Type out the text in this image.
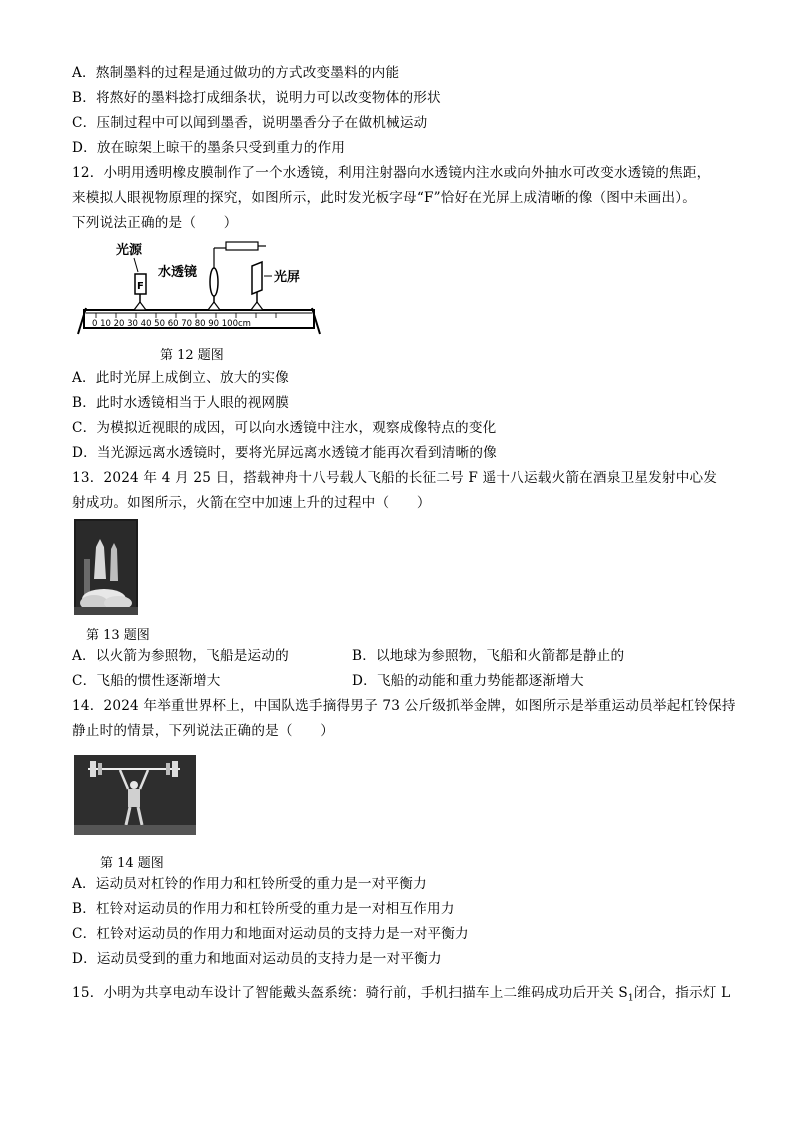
A．熬制墨料的过程是通过做功的方式改变墨料的内能
B．将熬好的墨料捻打成细条状，说明力可以改变物体的形状
C．压制过程中可以闻到墨香，说明墨香分子在做机械运动
D．放在晾架上晾干的墨条只受到重力的作用
12．小明用透明橡皮膜制作了一个水透镜，利用注射器向水透镜内注水或向外抽水可改变水透镜的焦距，
来模拟人眼视物原理的探究，如图所示，此时发光板字母“F”恰好在光屏上成清晰的像（图中未画出）。
下列说法正确的是（　　）
0 10 20 30 40 50 60 70 80 90 100cm
F
光源
水透镜	光屏
第 12 题图
A．此时光屏上成倒立、放大的实像
B．此时水透镜相当于人眼的视网膜
C．为模拟近视眼的成因，可以向水透镜中注水，观察成像特点的变化
D．当光源远离水透镜时，要将光屏远离水透镜才能再次看到清晰的像
13．2024 年 4 月 25 日，搭载神舟十八号载人飞船的长征二号 F 遥十八运载火箭在酒泉卫星发射中心发
射成功。如图所示，火箭在空中加速上升的过程中（　　）
第 13 题图
A．以火箭为参照物，飞船是运动的	B．以地球为参照物，飞船和火箭都是静止的
C．飞船的惯性逐渐增大	D．飞船的动能和重力势能都逐渐增大
14．2024 年举重世界杯上，中国队选手摘得男子 73 公斤级抓举金牌，如图所示是举重运动员举起杠铃保持
静止时的情景，下列说法正确的是（　　）
第 14 题图
A．运动员对杠铃的作用力和杠铃所受的重力是一对平衡力
B．杠铃对运动员的作用力和杠铃所受的重力是一对相互作用力
C．杠铃对运动员的作用力和地面对运动员的支持力是一对平衡力
D．运动员受到的重力和地面对运动员的支持力是一对平衡力
15．小明为共享电动车设计了智能戴头盔系统：骑行前，手机扫描车上二维码成功后开关 $S_1$闭合，指示灯 L
